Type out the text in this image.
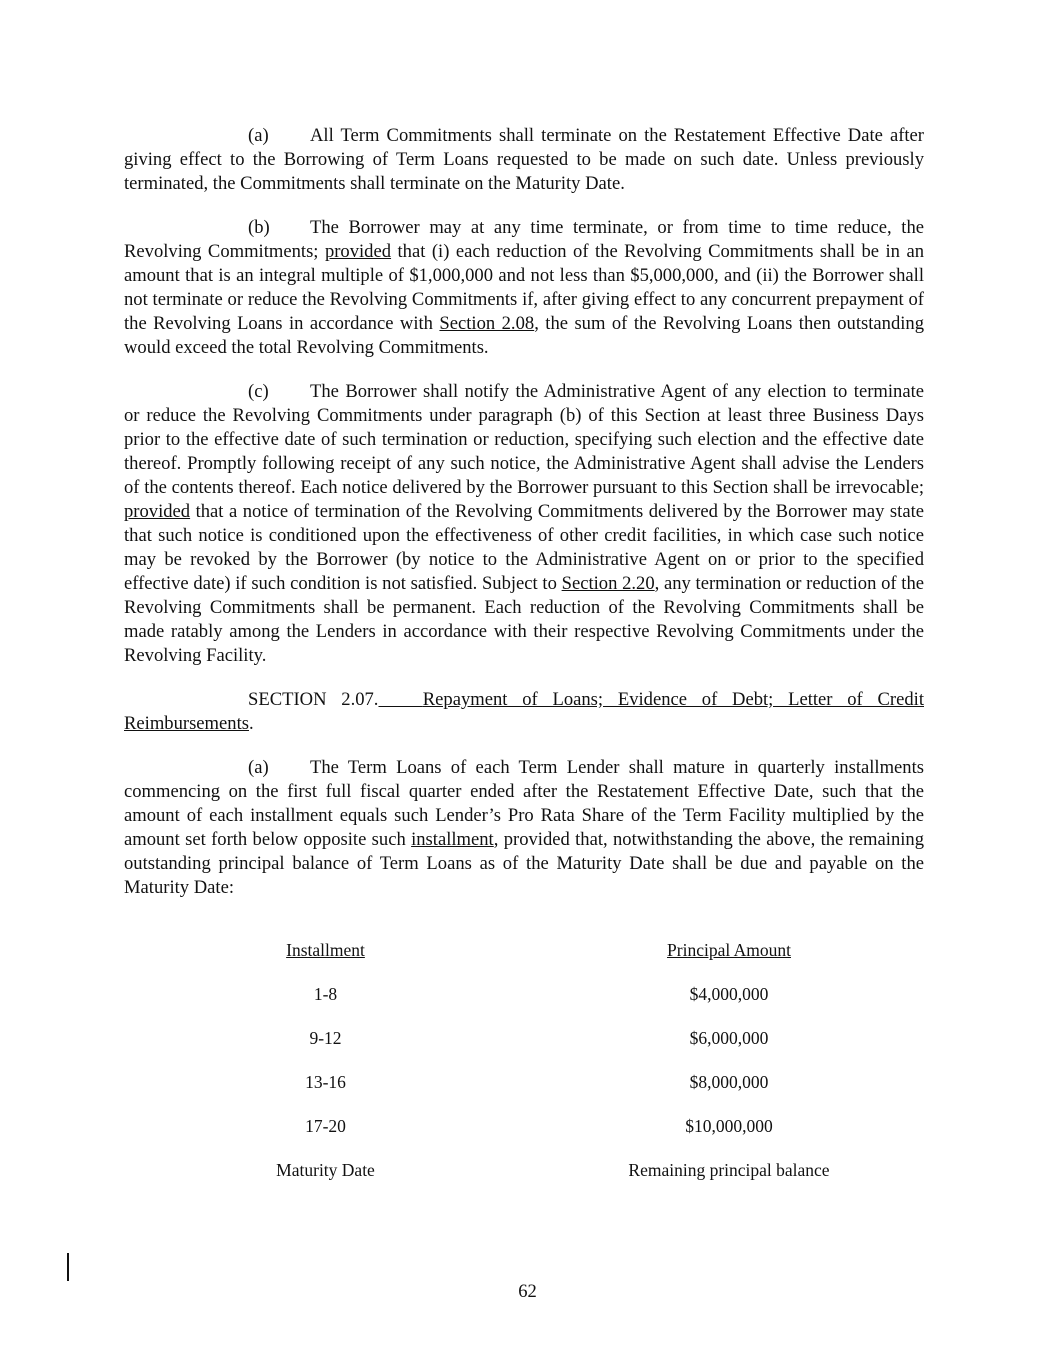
(a) All Term Commitments shall terminate on the Restatement Effective Date after giving effect to the Borrowing of Term Loans requested to be made on such date. Unless previously terminated, the Commitments shall terminate on the Maturity Date.

(b) The Borrower may at any time terminate, or from time to time reduce, the Revolving Commitments; provided that (i) each reduction of the Revolving Commitments shall be in an amount that is an integral multiple of $1,000,000 and not less than $5,000,000, and (ii) the Borrower shall not terminate or reduce the Revolving Commitments if, after giving effect to any concurrent prepayment of the Revolving Loans in accordance with Section 2.08, the sum of the Revolving Loans then outstanding would exceed the total Revolving Commitments.

(c) The Borrower shall notify the Administrative Agent of any election to terminate or reduce the Revolving Commitments under paragraph (b) of this Section at least three Business Days prior to the effective date of such termination or reduction, specifying such election and the effective date thereof. Promptly following receipt of any such notice, the Administrative Agent shall advise the Lenders of the contents thereof. Each notice delivered by the Borrower pursuant to this Section shall be irrevocable; provided that a notice of termination of the Revolving Commitments delivered by the Borrower may state that such notice is conditioned upon the effectiveness of other credit facilities, in which case such notice may be revoked by the Borrower (by notice to the Administrative Agent on or prior to the specified effective date) if such condition is not satisfied. Subject to Section 2.20, any termination or reduction of the Revolving Commitments shall be permanent. Each reduction of the Revolving Commitments shall be made ratably among the Lenders in accordance with their respective Revolving Commitments under the Revolving Facility.

SECTION 2.07. Repayment of Loans; Evidence of Debt; Letter of Credit Reimbursements.

(a) The Term Loans of each Term Lender shall mature in quarterly installments commencing on the first full fiscal quarter ended after the Restatement Effective Date, such that the amount of each installment equals such Lender’s Pro Rata Share of the Term Facility multiplied by the amount set forth below opposite such installment, provided that, notwithstanding the above, the remaining outstanding principal balance of Term Loans as of the Maturity Date shall be due and payable on the Maturity Date:

Installment	Principal Amount
1-8	$4,000,000
9-12	$6,000,000
13-16	$8,000,000
17-20	$10,000,000
Maturity Date	Remaining principal balance
62
